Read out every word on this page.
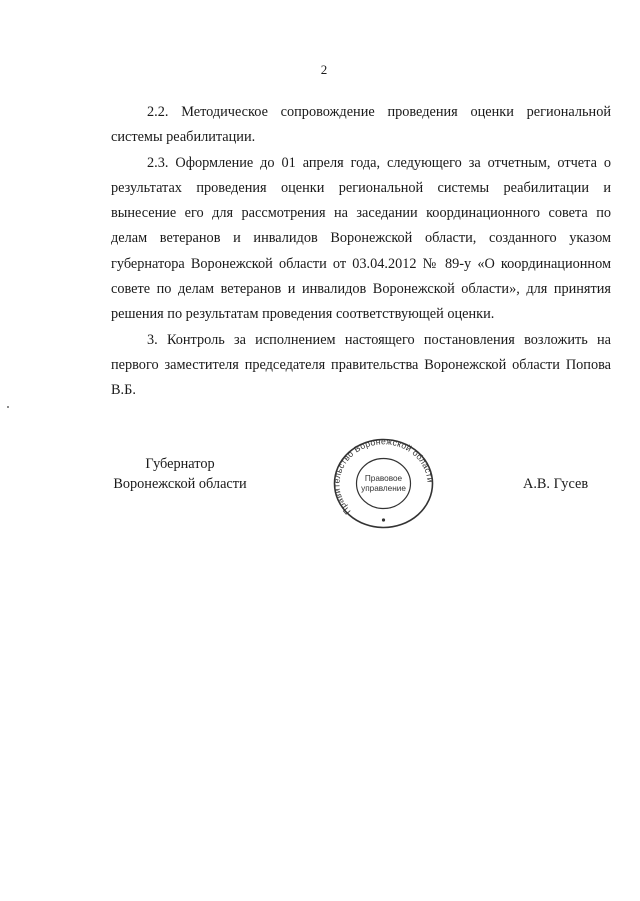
2

2.2. Методическое сопровождение проведения оценки региональной системы реабилитации.

2.3. Оформление до 01 апреля года, следующего за отчетным, отчета о результатах проведения оценки региональной системы реабилитации и вынесение его для рассмотрения на заседании координационного совета по делам ветеранов и инвалидов Воронежской области, созданного указом губернатора Воронежской области от 03.04.2012 № 89-у «О координационном совете по делам ветеранов и инвалидов Воронежской области», для принятия решения по результатам проведения соответствующей оценки.

3. Контроль за исполнением настоящего постановления возложить на первого заместителя председателя правительства Воронежской области Попова В.Б.

Губернатор
Воронежской области
Правительство Воронежской области
Правовое
управление	А.В. Гусев
